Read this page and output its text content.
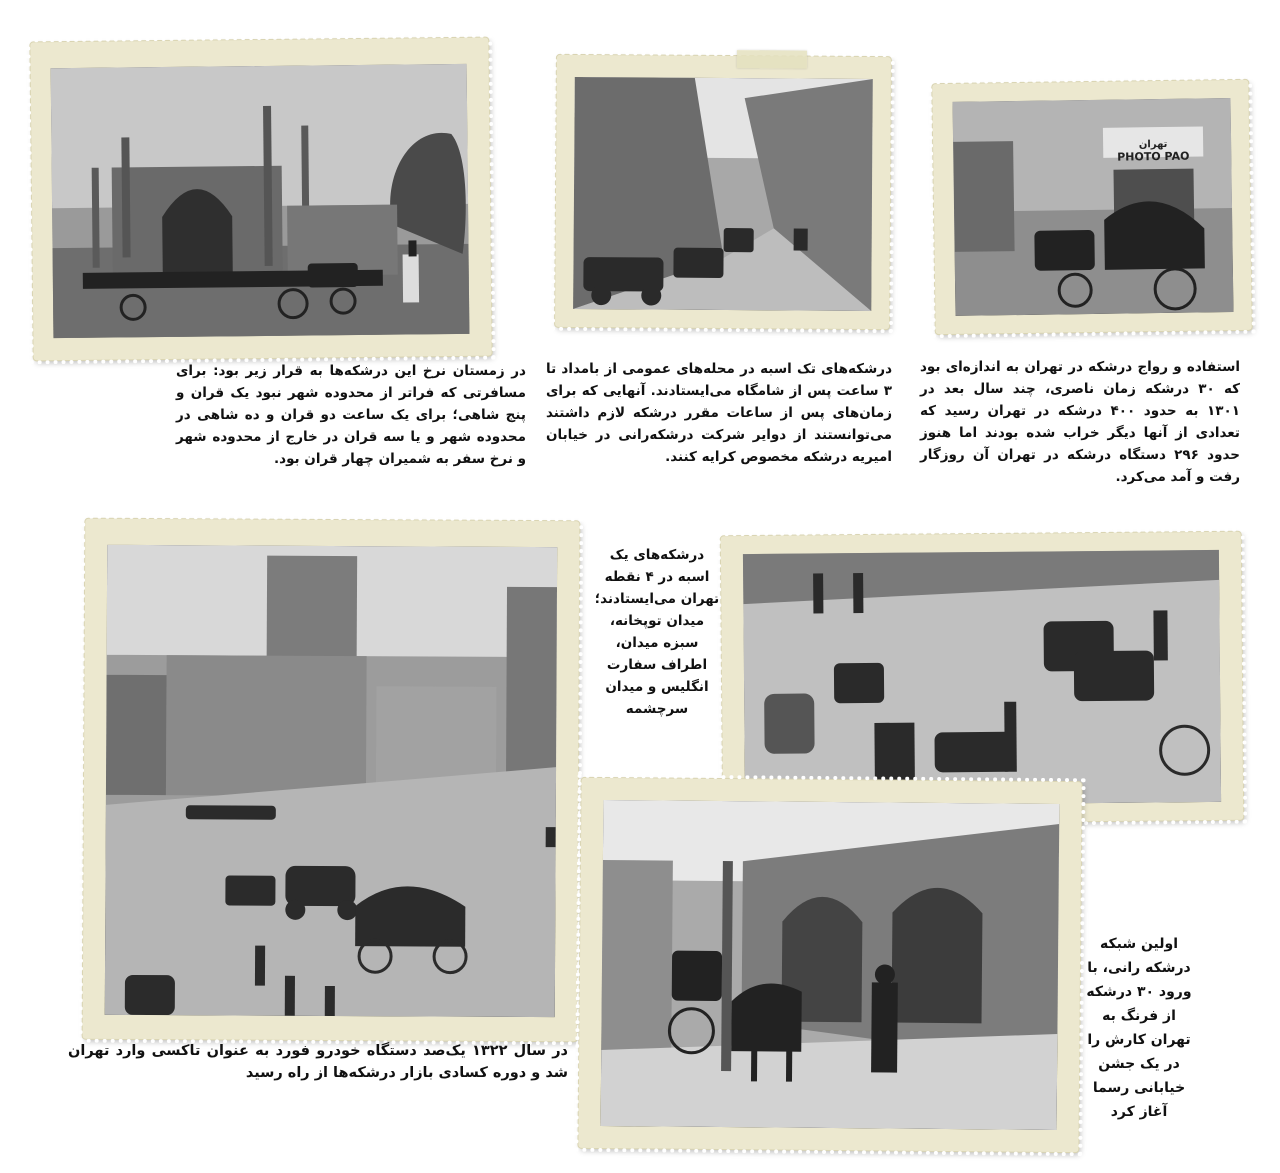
تهران
PHOTO PAO

در زمستان نرخ این درشکه‌ها به قرار زیر بود: برای مسافرتی که فراتر از محدوده شهر نبود یک قران و پنج شاهی؛ برای یک ساعت دو قران و ده شاهی در محدوده شهر و یا سه قران در خارج از محدوده شهر و نرخ سفر به شمیران چهار قران بود.

درشکه‌های تک اسبه در محله‌های عمومی از بامداد تا ۳ ساعت پس از شامگاه می‌ایستادند. آنهایی که برای زمان‌های پس از ساعات مقرر درشکه لازم داشتند می‌توانستند از دوایر شرکت درشکه‌رانی در خیابان امیریه درشکه مخصوص کرایه کنند.

استفاده و رواج درشکه در تهران به اندازه‌ای بود که ۳۰ درشکه زمان ناصری، چند سال بعد در ۱۳۰۱ به حدود ۴۰۰ درشکه در تهران رسید که تعدادی از آنها دیگر خراب شده بودند اما هنوز حدود ۲۹۶ دستگاه درشکه در تهران آن روزگار رفت و آمد می‌کرد.

در سال ۱۳۲۲ یک‌صد دستگاه خودرو فورد به عنوان تاکسی وارد تهران شد و دوره کسادی بازار درشکه‌ها از راه رسید

درشکه‌های یک اسبه در ۴ نقطه تهران می‌ایستادند؛ میدان توپخانه، سبزه میدان، اطراف سفارت انگلیس و میدان سرچشمه

اولین شبکه درشکه رانی، با ورود ۳۰ درشکه از فرنگ به تهران کارش را در یک جشن خیابانی رسما آغاز کرد
